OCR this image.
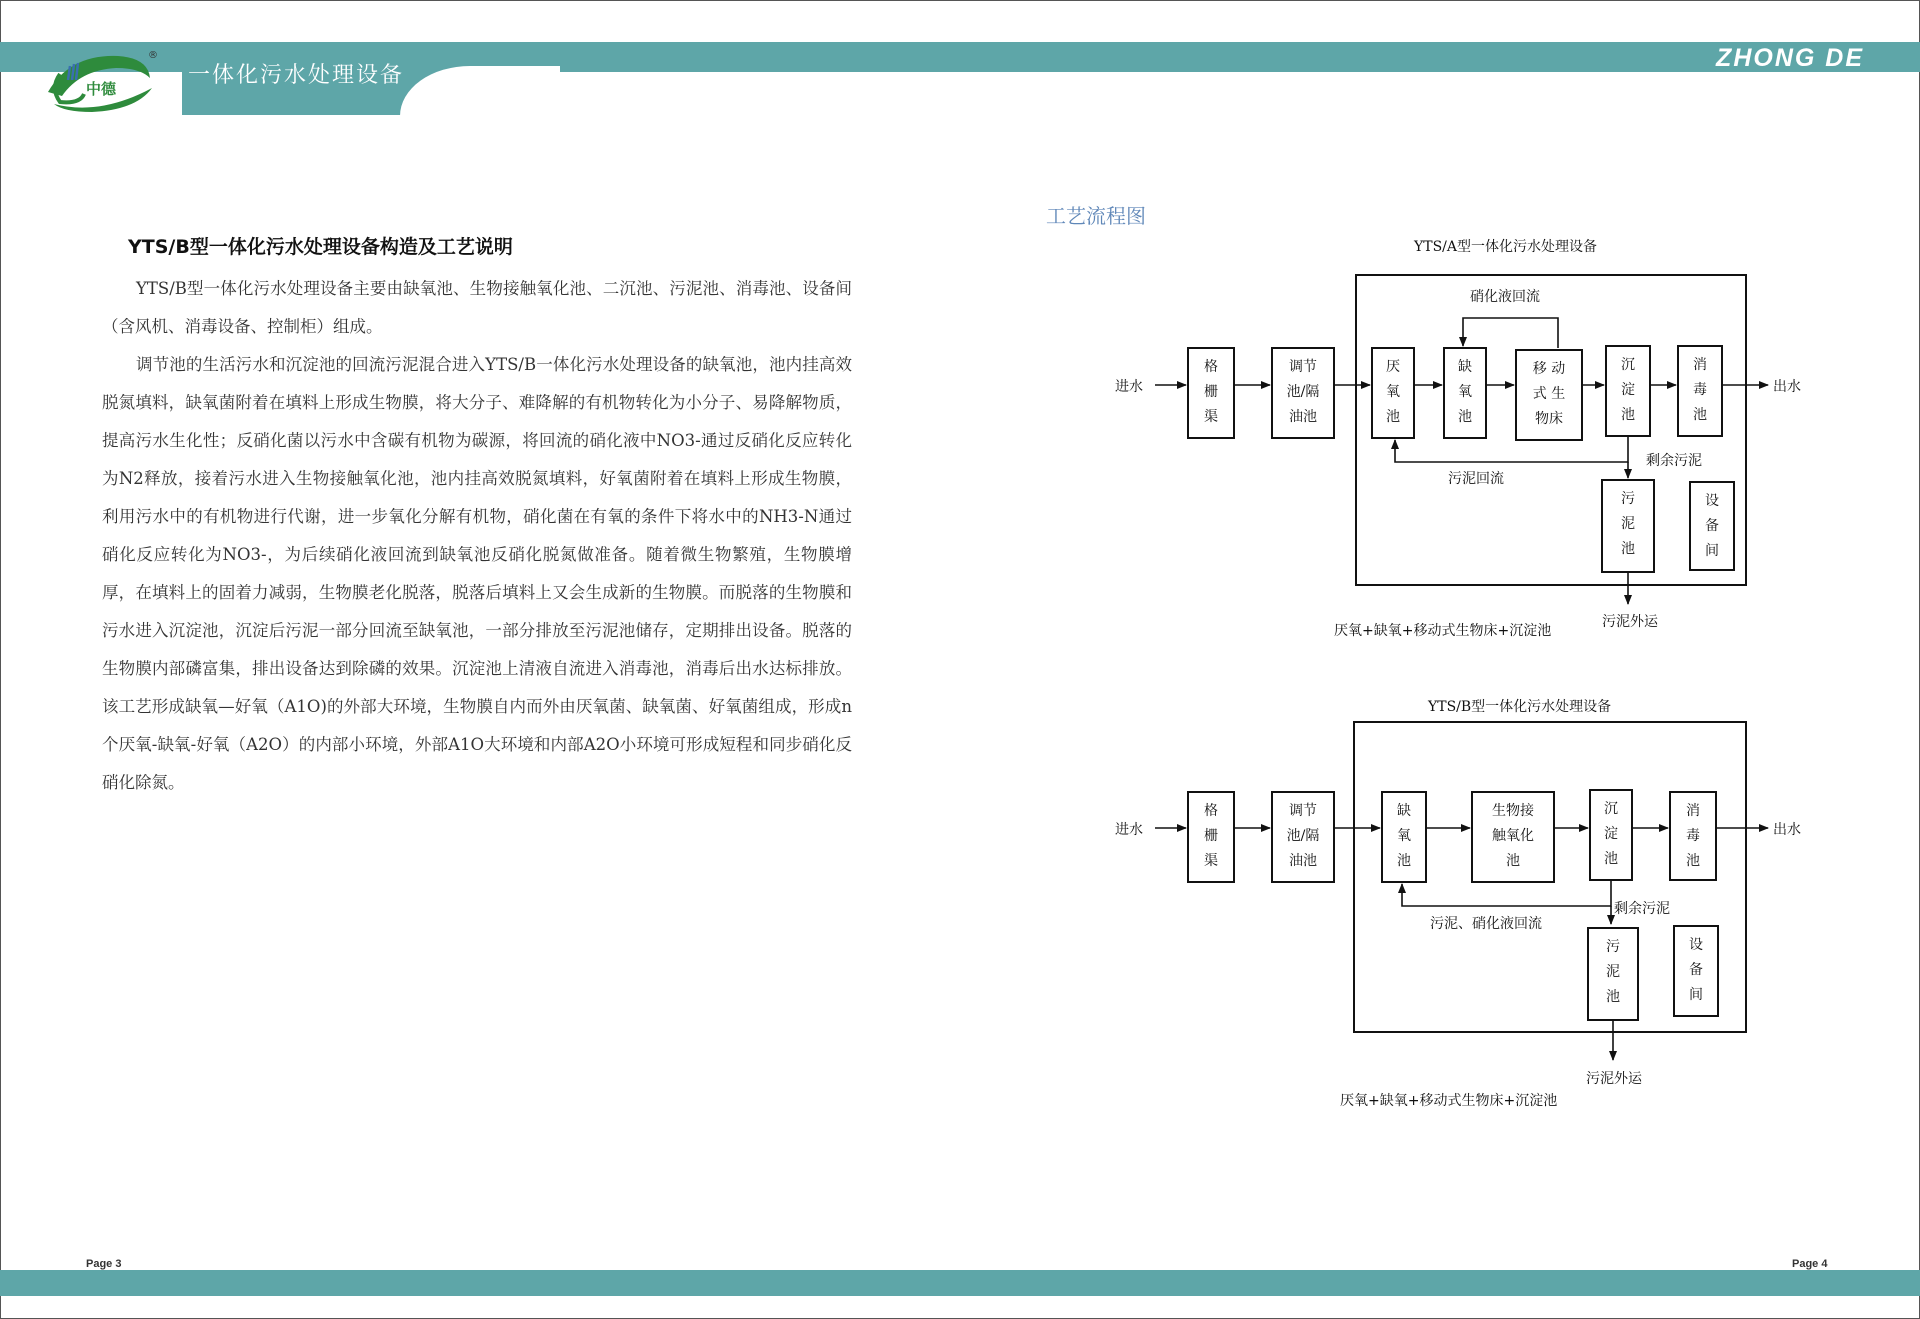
一体化污水处理设备
ZHONG DE
中德
®
YTS/B型一体化污水处理设备构造及工艺说明

YTS/B型一体化污水处理设备主要由缺氧池、生物接触氧化池、二沉池、污泥池、消毒池、设备间（含风机、消毒设备、控制柜）组成。

调节池的生活污水和沉淀池的回流污泥混合进入YTS/B一体化污水处理设备的缺氧池，池内挂高效脱氮填料，缺氧菌附着在填料上形成生物膜，将大分子、难降解的有机物转化为小分子、易降解物质，提高污水生化性；反硝化菌以污水中含碳有机物为碳源，将回流的硝化液中NO3-通过反硝化反应转化为N2释放，接着污水进入生物接触氧化池，池内挂高效脱氮填料，好氧菌附着在填料上形成生物膜，利用污水中的有机物进行代谢，进一步氧化分解有机物，硝化菌在有氧的条件下将水中的NH3-N通过硝化反应转化为NO3-，为后续硝化液回流到缺氧池反硝化脱氮做准备。随着微生物繁殖，生物膜增厚，在填料上的固着力减弱，生物膜老化脱落，脱落后填料上又会生成新的生物膜。而脱落的生物膜和污水进入沉淀池，沉淀后污泥一部分回流至缺氧池，一部分排放至污泥池储存，定期排出设备。脱落的生物膜内部磷富集，排出设备达到除磷的效果。沉淀池上清液自流进入消毒池，消毒后出水达标排放。该工艺形成缺氧—好氧（A1O)的外部大环境，生物膜自内而外由厌氧菌、缺氧菌、好氧菌组成，形成n个厌氧-缺氧-好氧（A2O）的内部小环境，外部A1O大环境和内部A2O小环境可形成短程和同步硝化反硝化除氮。

工艺流程图
YTS/A型一体化污水处理设备
YTS/B型一体化污水处理设备
厌氧+缺氧+移动式生物床+沉淀池
厌氧+缺氧+移动式生物床+沉淀池
进水
格
栅
渠
调节
池/隔
油池
厌
氧
池
缺
氧
池
移 动
式 生
物床
沉
淀
池
消
毒
池
出水
硝化液回流
污泥回流
剩余污泥
污
泥
池
设
备
间
污泥外运
进水
格
栅
渠
调节
池/隔
油池
缺
氧
池
生物接
触氧化
池
沉
淀
池
消
毒
池
出水
污泥、硝化液回流
剩余污泥
污
泥
池
设
备
间
污泥外运
Page 3	Page 4
